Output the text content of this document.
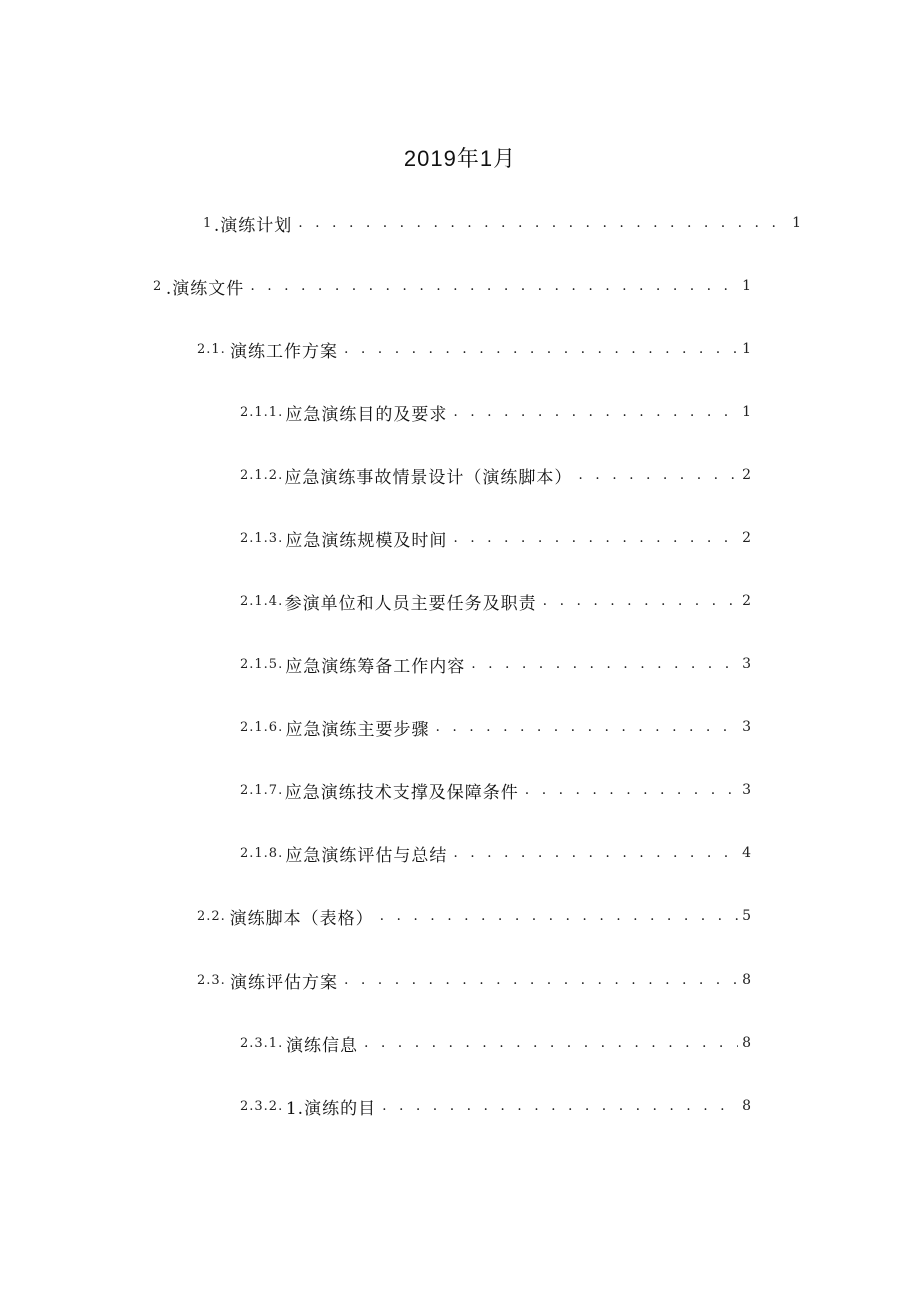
2019年1月
1 .演练计划 . . .	1
2 .演练文件 . . .	1
2.1. 演练工作方案 . . .	1
2.1.1. 应急演练目的及要求 . . .	1
2.1.2. 应急演练事故情景设计（演练脚本） . . .	2
2.1.3. 应急演练规模及时间 . . .	2
2.1.4. 参演单位和人员主要任务及职责 . . .	2
2.1.5. 应急演练筹备工作内容 . . .	3
2.1.6. 应急演练主要步骤 . . .	3
2.1.7. 应急演练技术支撑及保障条件 . . .	3
2.1.8. 应急演练评估与总结 . . .	4
2.2. 演练脚本（表格） . . .	5
2.3. 演练评估方案 . . .	8
2.3.1. 演练信息 . . .	8
2.3.2. 1.演练的目 . . .	8
